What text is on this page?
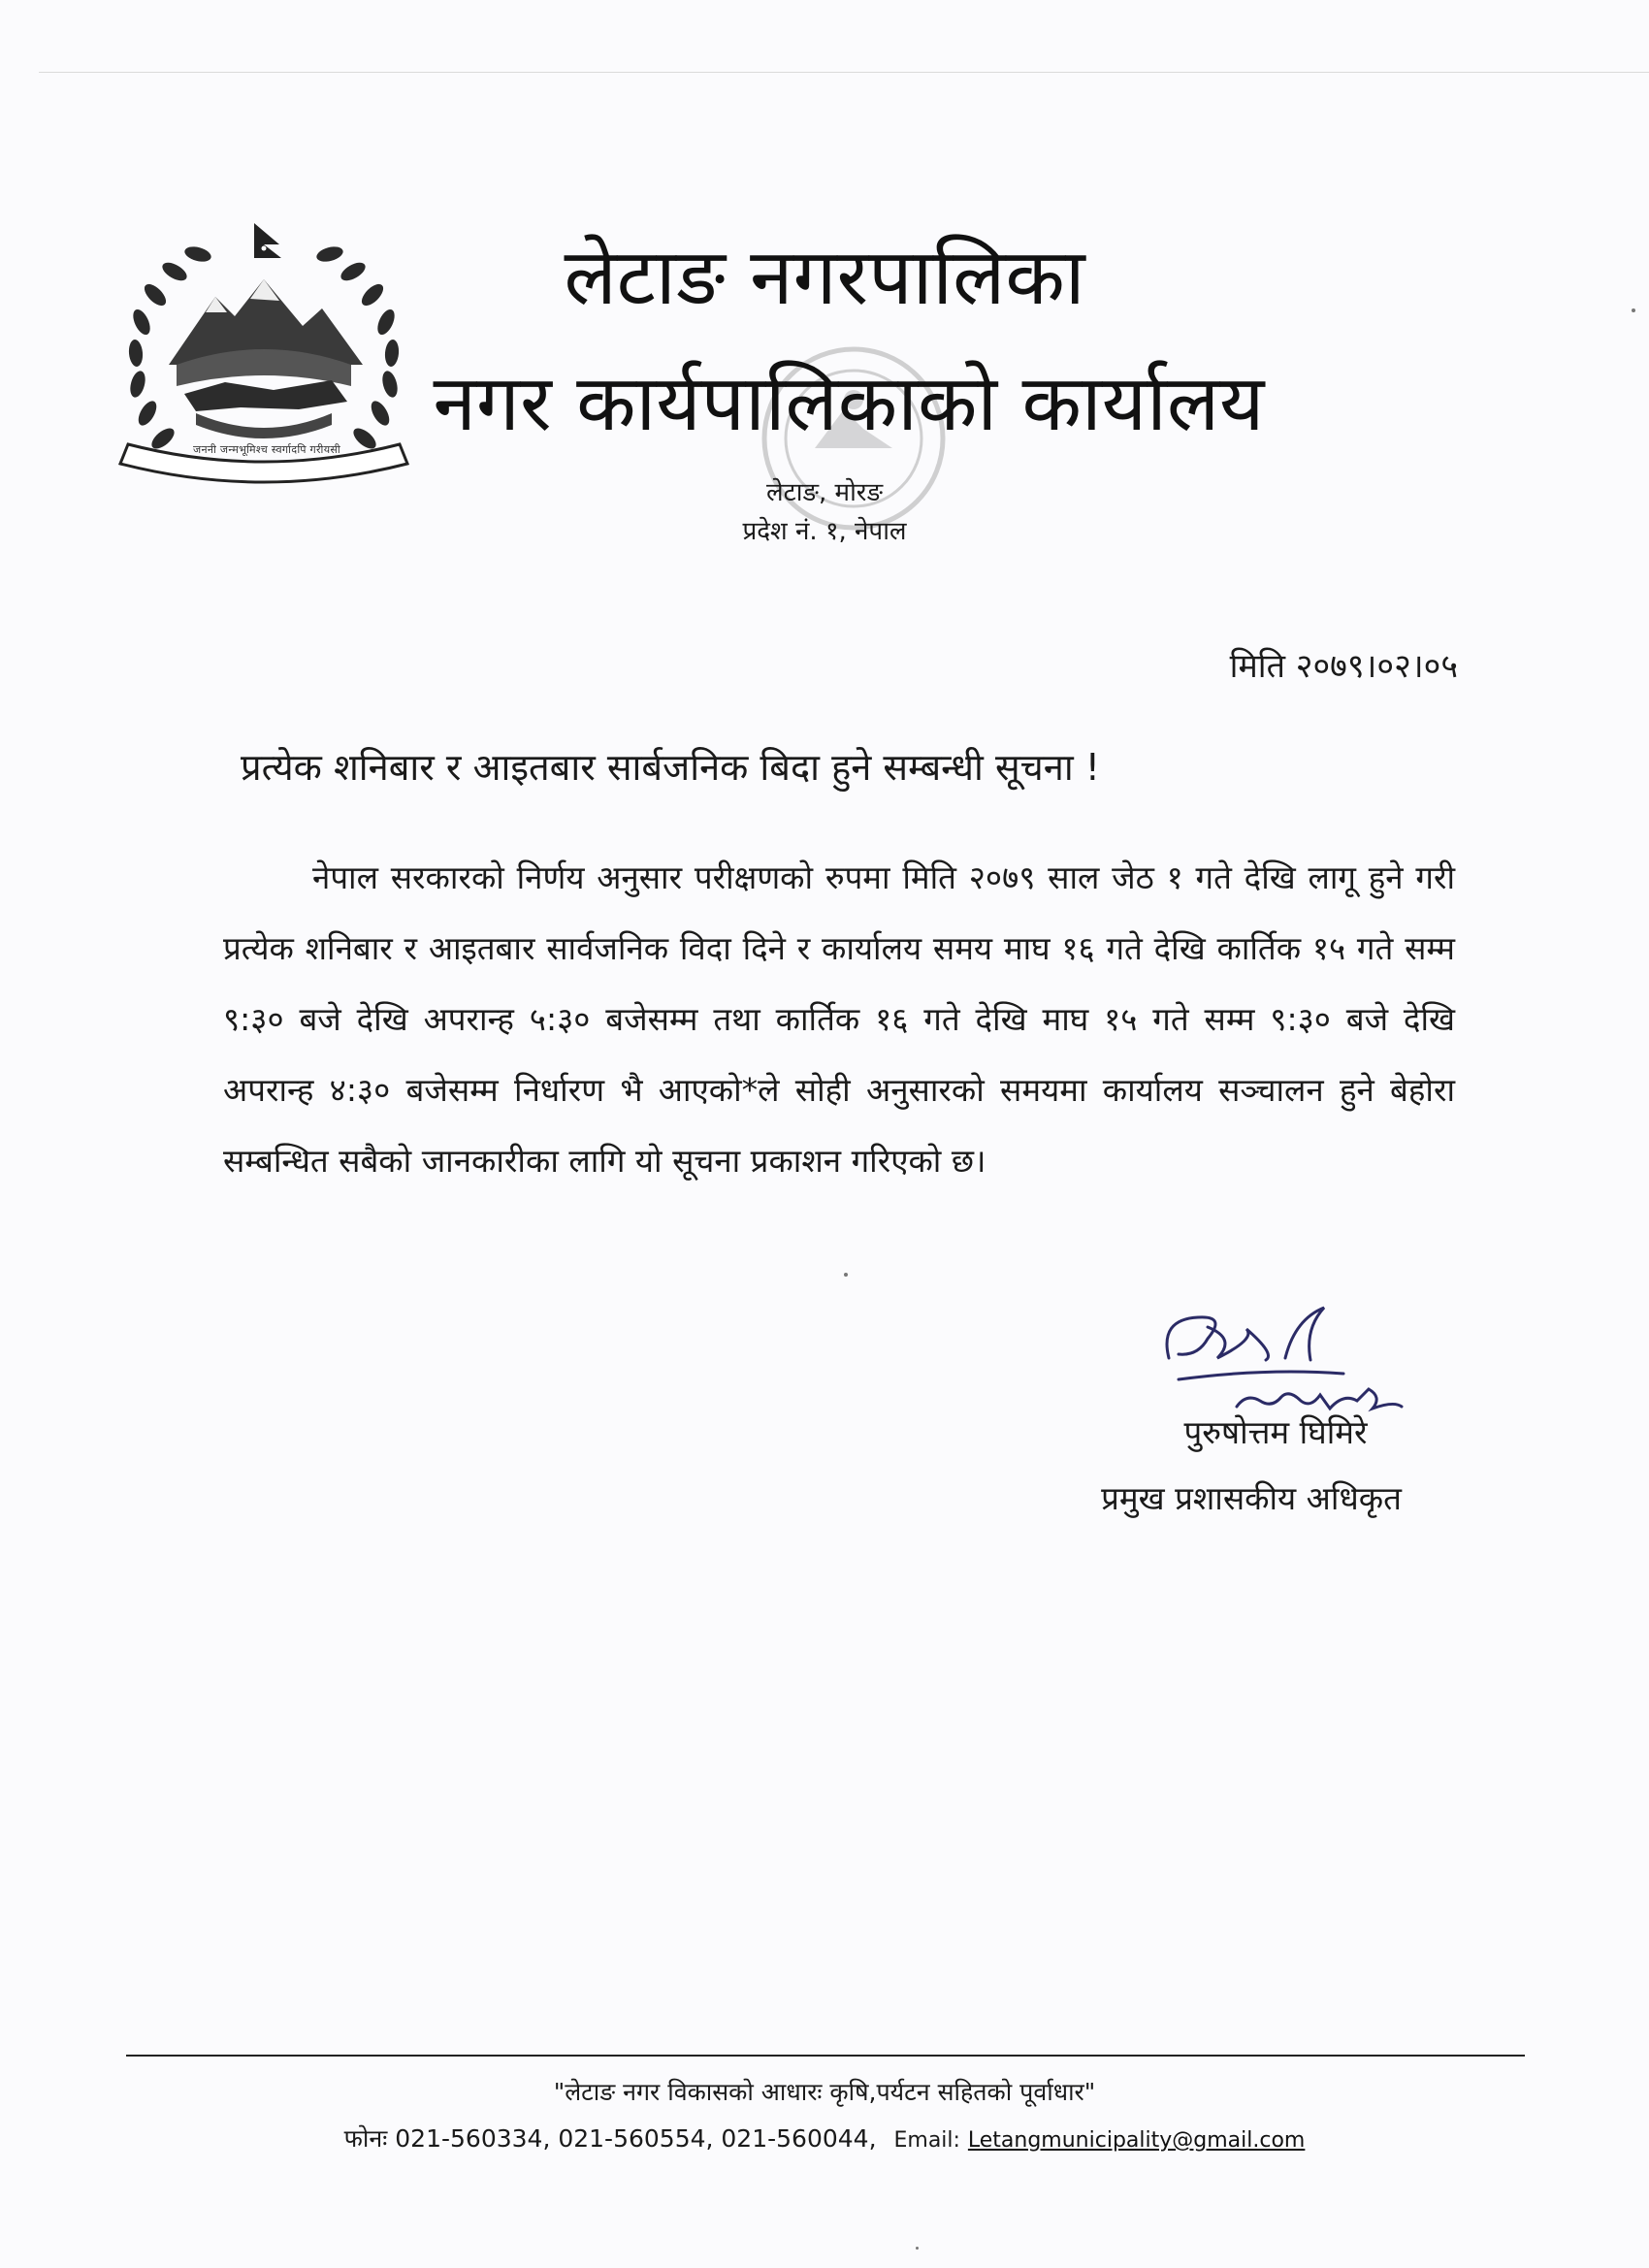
जननी जन्मभूमिश्च स्वर्गादपि गरीयसी
लेटाङ नगरपालिका
नगर कार्यपालिकाको कार्यालय
लेटाङ, मोरङ
प्रदेश नं. १, नेपाल
मिति २०७९।०२।०५
प्रत्येक शनिबार र आइतबार सार्बजनिक बिदा हुने सम्बन्धी सूचना !

नेपाल सरकारको निर्णय अनुसार परीक्षणको रुपमा मिति २०७९ साल जेठ १ गते देखि लागू हुने गरी प्रत्येक शनिबार र आइतबार सार्वजनिक विदा दिने र कार्यालय समय माघ १६ गते देखि कार्तिक १५ गते सम्म ९:३० बजे देखि अपरान्ह ५:३० बजेसम्म तथा कार्तिक १६ गते देखि माघ १५ गते सम्म ९:३० बजे देखि अपरान्ह ४:३० बजेसम्म निर्धारण भै आएको*ले सोही अनुसारको समयमा कार्यालय सञ्चालन हुने बेहोरा सम्बन्धित सबैको जानकारीका लागि यो सूचना प्रकाशन गरिएको छ।

पुरुषोत्तम घिमिरे
प्रमुख प्रशासकीय अधिकृत
"लेटाङ नगर विकासको आधारः कृषि,पर्यटन सहितको पूर्वाधार"
फोनः 021-560334, 021-560554, 021-560044, Email: Letangmunicipality@gmail.com
